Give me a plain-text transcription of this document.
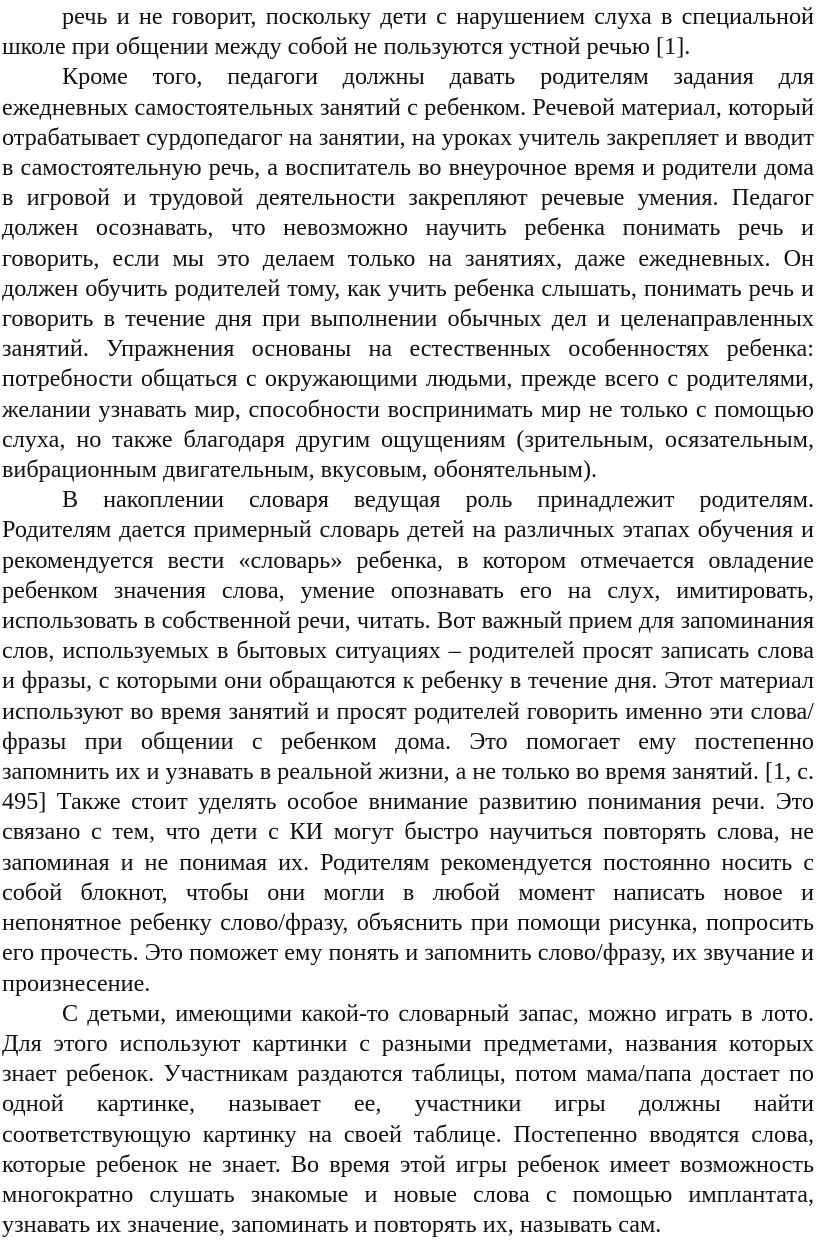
речь и не говорит, поскольку дети с нарушением слуха в специальной школе при общении между собой не пользуются устной речью [1].

Кроме того, педагоги должны давать родителям задания для ежедневных самостоятельных занятий с ребенком. Речевой материал, который отрабатывает сурдопедагог на занятии, на уроках учитель закрепляет и вводит в самостоятельную речь, а воспитатель во внеурочное время и родители дома в игровой и трудовой деятельности закрепляют речевые умения. Педагог должен осознавать, что невозможно научить ребенка понимать речь и говорить, если мы это делаем только на занятиях, даже ежедневных. Он должен обучить родителей тому, как учить ребенка слышать, понимать речь и говорить в течение дня при выполнении обычных дел и целенаправленных занятий. Упражнения основаны на естественных особенностях ребенка: потребности общаться с окружающими людьми, прежде всего с родителями, желании узнавать мир, способности воспринимать мир не только с помощью слуха, но также благодаря другим ощущениям (зрительным, осязательным, вибрационным двигательным, вкусовым, обонятельным).

В накоплении словаря ведущая роль принадлежит родителям. Родителям дается примерный словарь детей на различных этапах обучения и рекомендуется вести «словарь» ребенка, в котором отмечается овладение ребенком значения слова, умение опознавать его на слух, имитировать, использовать в собственной речи, читать. Вот важный прием для запоминания слов, используемых в бытовых ситуациях – родителей просят записать слова и фразы, с которыми они обращаются к ребенку в течение дня. Этот материал используют во время занятий и просят родителей говорить именно эти слова/ фразы при общении с ребенком дома. Это помогает ему постепенно запомнить их и узнавать в реальной жизни, а не только во время занятий. [1, с. 495] Также стоит уделять особое внимание развитию понимания речи. Это связано с тем, что дети с КИ могут быстро научиться повторять слова, не запоминая и не понимая их. Родителям рекомендуется постоянно носить с собой блокнот, чтобы они могли в любой момент написать новое и непонятное ребенку слово/фразу, объяснить при помощи рисунка, попросить его прочесть. Это поможет ему понять и запомнить слово/фразу, их звучание и произнесение.

С детьми, имеющими какой-то словарный запас, можно играть в лото. Для этого используют картинки с разными предметами, названия которых знает ребенок. Участникам раздаются таблицы, потом мама/папа достает по одной картинке, называет ее, участники игры должны найти соответствующую картинку на своей таблице. Постепенно вводятся слова, которые ребенок не знает. Во время этой игры ребенок имеет возможность многократно слушать знакомые и новые слова с помощью имплантата, узнавать их значение, запоминать и повторять их, называть сам.
